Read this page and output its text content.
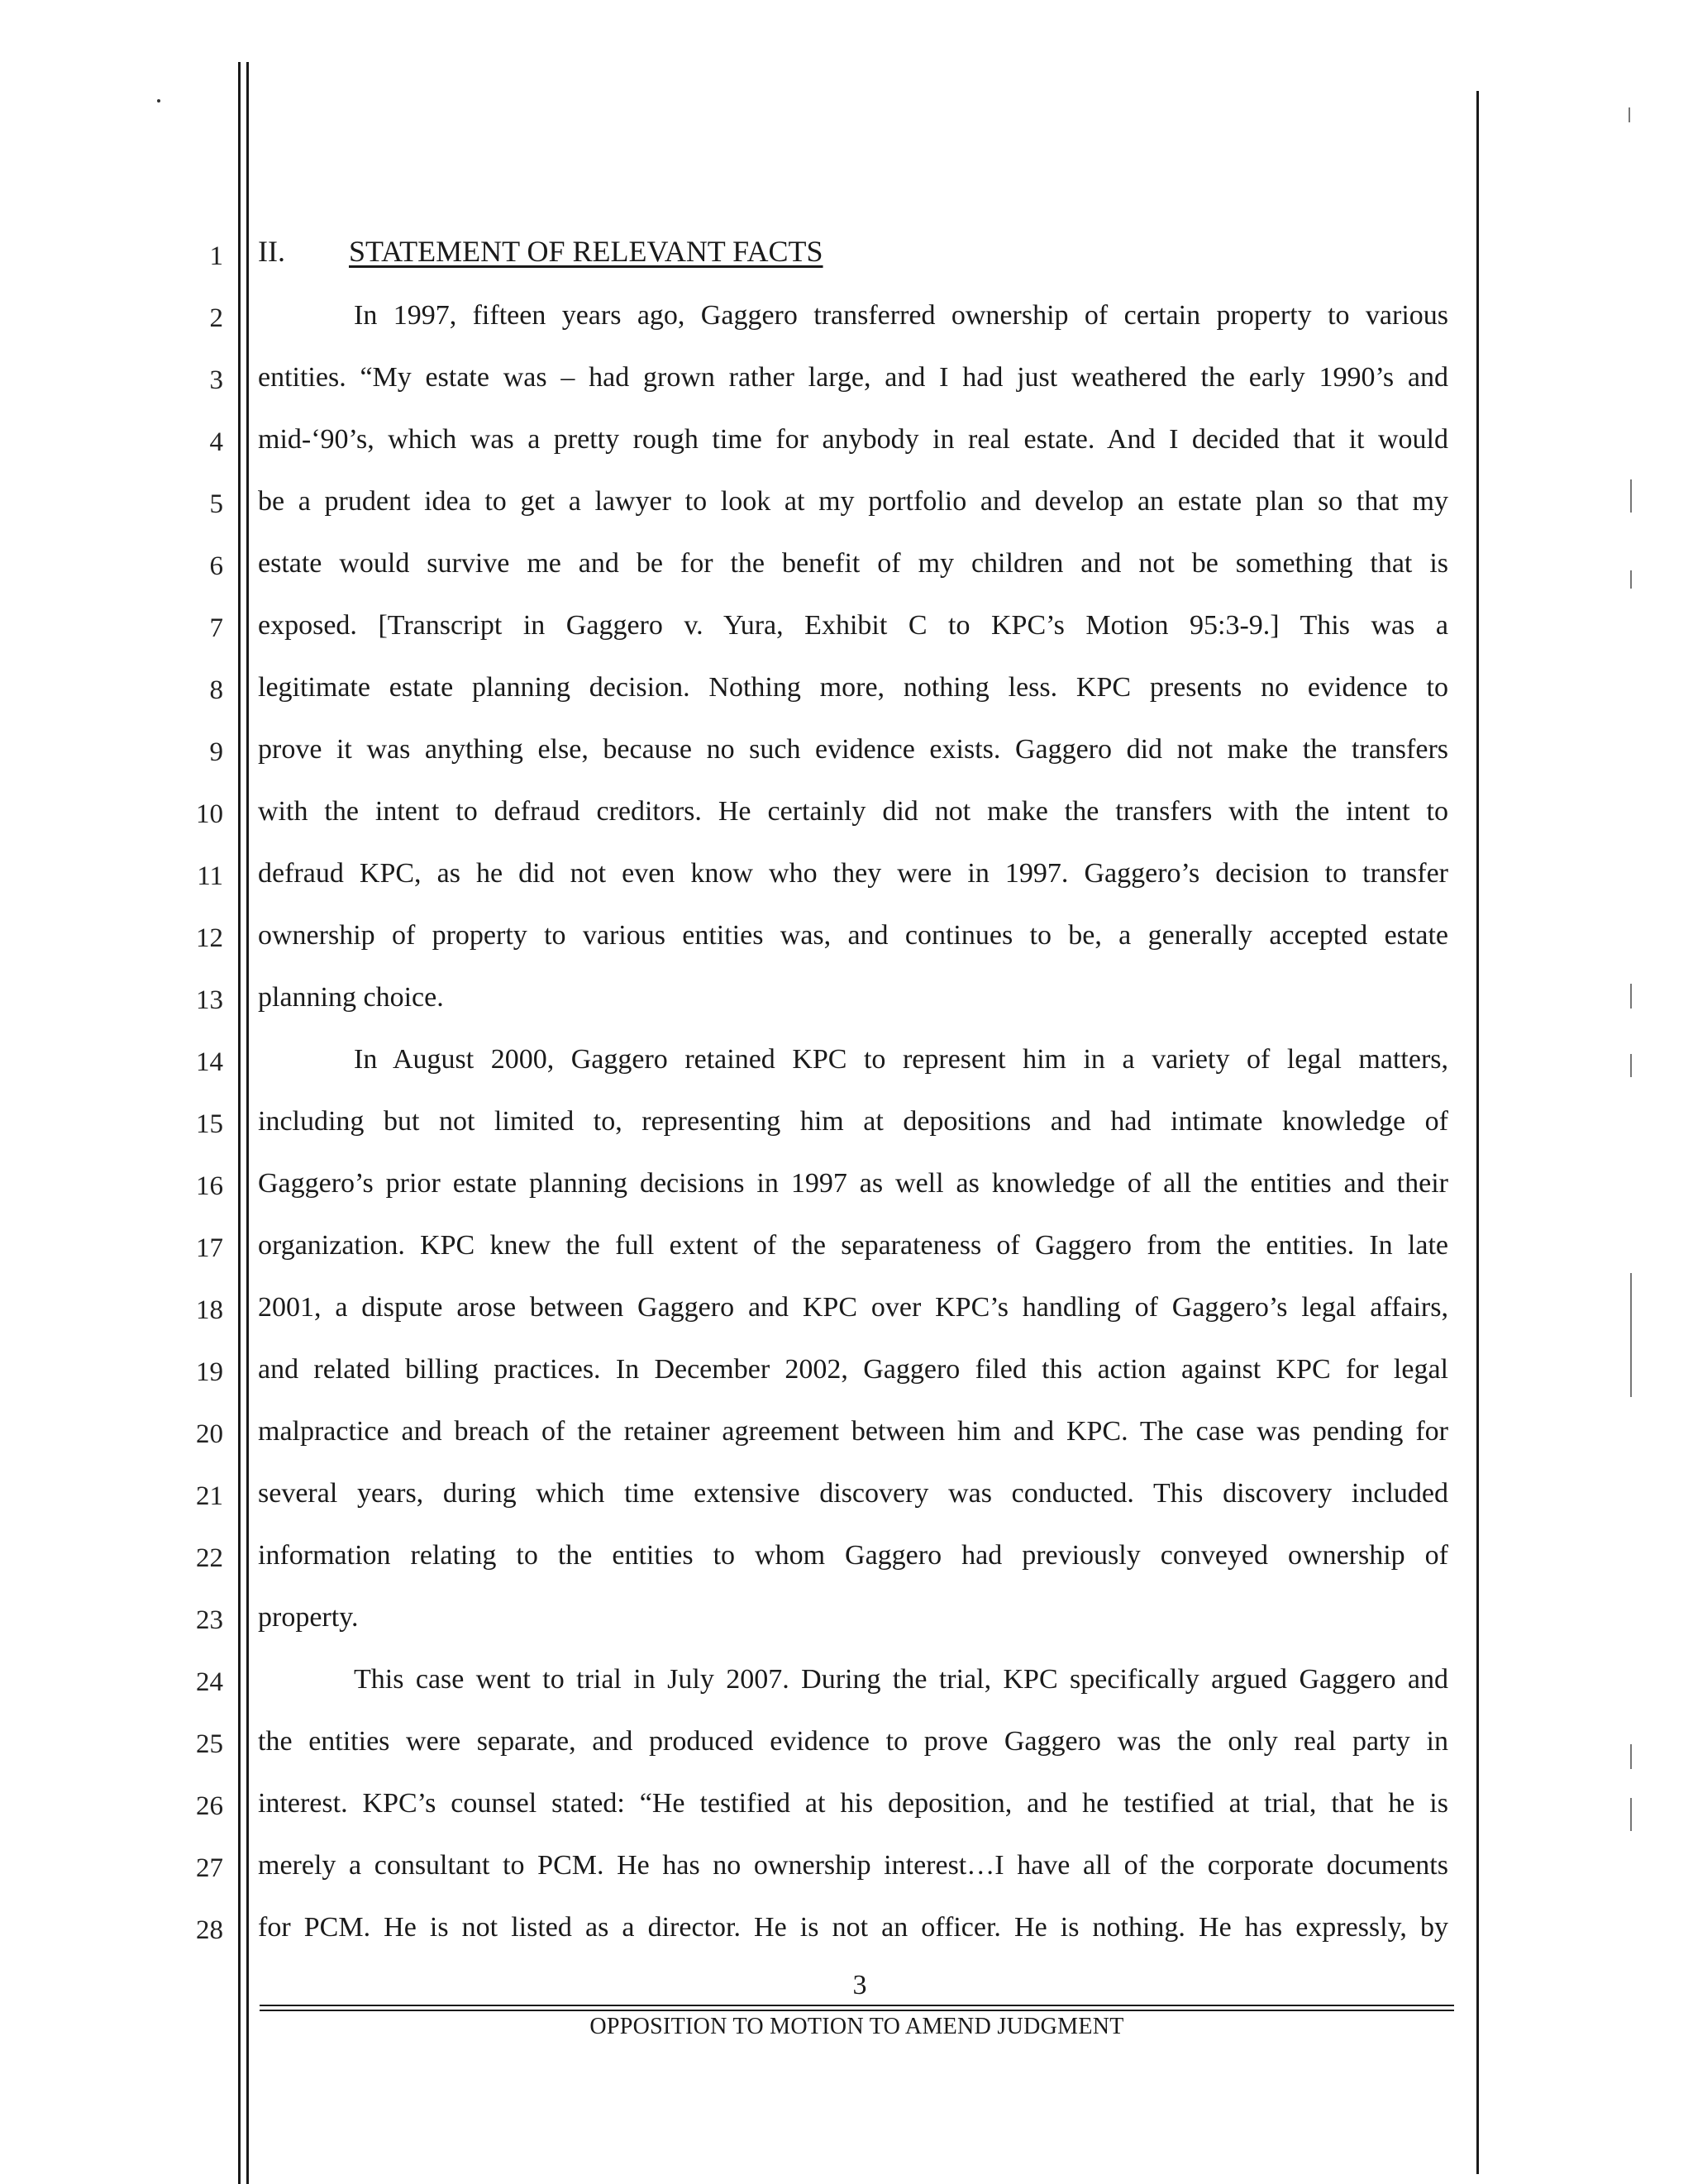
1
2
3
4
5
6
7
8
9
10
11
12
13
14
15
16
17
18
19
20
21
22
23
24
25
26
27
28
II. STATEMENT OF RELEVANT FACTS
In 1997, fifteen years ago, Gaggero transferred ownership of certain property to various
entities. “My estate was – had grown rather large, and I had just weathered the early 1990’s and
mid-‘90’s, which was a pretty rough time for anybody in real estate. And I decided that it would
be a prudent idea to get a lawyer to look at my portfolio and develop an estate plan so that my
estate would survive me and be for the benefit of my children and not be something that is
exposed. [Transcript in Gaggero v. Yura, Exhibit C to KPC’s Motion 95:3-9.] This was a
legitimate estate planning decision. Nothing more, nothing less. KPC presents no evidence to
prove it was anything else, because no such evidence exists. Gaggero did not make the transfers
with the intent to defraud creditors. He certainly did not make the transfers with the intent to
defraud KPC, as he did not even know who they were in 1997. Gaggero’s decision to transfer
ownership of property to various entities was, and continues to be, a generally accepted estate
planning choice.
In August 2000, Gaggero retained KPC to represent him in a variety of legal matters,
including but not limited to, representing him at depositions and had intimate knowledge of
Gaggero’s prior estate planning decisions in 1997 as well as knowledge of all the entities and their
organization. KPC knew the full extent of the separateness of Gaggero from the entities. In late
2001, a dispute arose between Gaggero and KPC over KPC’s handling of Gaggero’s legal affairs,
and related billing practices. In December 2002, Gaggero filed this action against KPC for legal
malpractice and breach of the retainer agreement between him and KPC. The case was pending for
several years, during which time extensive discovery was conducted. This discovery included
information relating to the entities to whom Gaggero had previously conveyed ownership of
property.
This case went to trial in July 2007. During the trial, KPC specifically argued Gaggero and
the entities were separate, and produced evidence to prove Gaggero was the only real party in
interest. KPC’s counsel stated: “He testified at his deposition, and he testified at trial, that he is
merely a consultant to PCM. He has no ownership interest…I have all of the corporate documents
for PCM. He is not listed as a director. He is not an officer. He is nothing. He has expressly, by
3
OPPOSITION TO MOTION TO AMEND JUDGMENT
